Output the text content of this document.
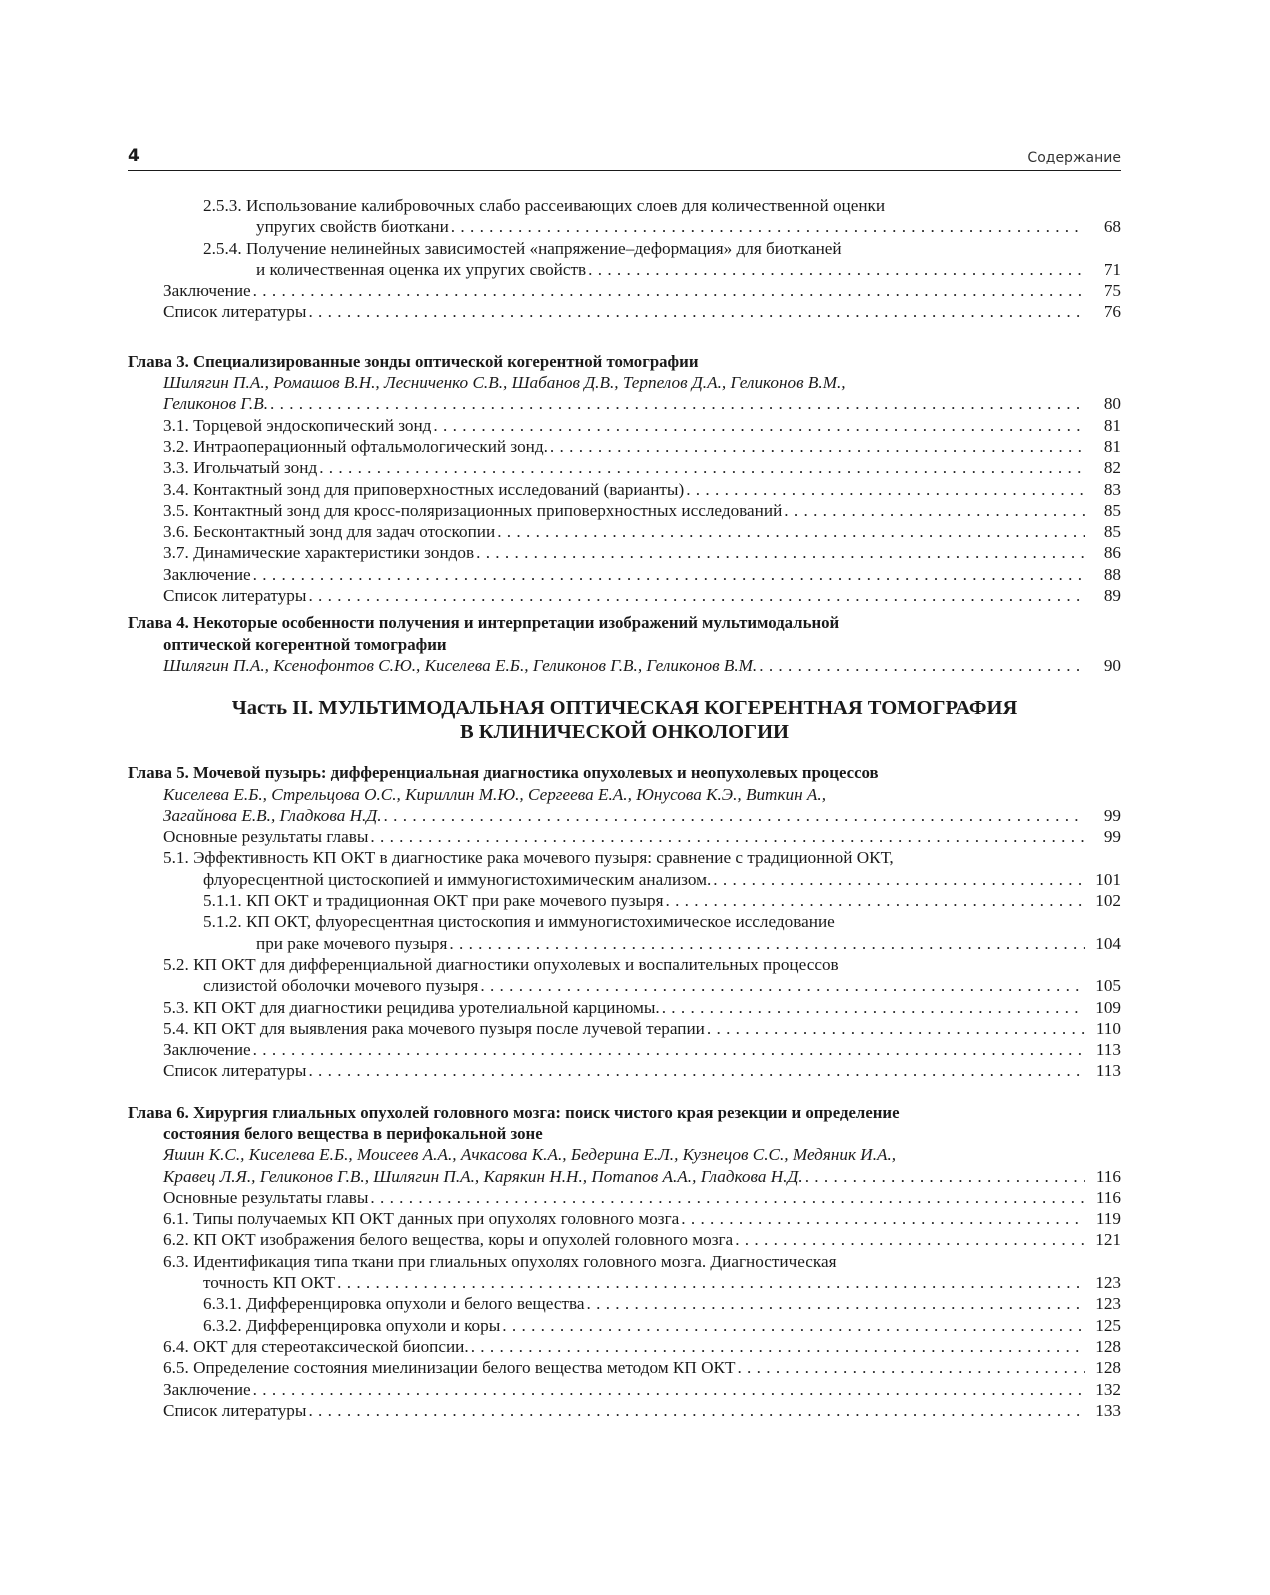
4	Содержание
2.5.3. Использование калибровочных слабо рассеивающих слоев для количественной оценки
упругих свойств биоткани . . .	68
2.5.4. Получение нелинейных зависимостей «напряжение–деформация» для биотканей
и количественная оценка их упругих свойств . . .	71
Заключение . . .	75
Список литературы . . .	76
Глава 3. Специализированные зонды оптической когерентной томографии
Шилягин П.А., Ромашов В.Н., Лесниченко С.В., Шабанов Д.В., Терпелов Д.А., Геликонов В.М.,
Геликонов Г.В. . . .	80
3.1. Торцевой эндоскопический зонд . . .	81
3.2. Интраоперационный офтальмологический зонд. . . .	81
3.3. Игольчатый зонд . . .	82
3.4. Контактный зонд для приповерхностных исследований (варианты) . . .	83
3.5. Контактный зонд для кросс-поляризационных приповерхностных исследований . . .	85
3.6. Бесконтактный зонд для задач отоскопии . . .	85
3.7. Динамические характеристики зондов . . .	86
Заключение . . .	88
Список литературы . . .	89
Глава 4. Некоторые особенности получения и интерпретации изображений мультимодальной
оптической когерентной томографии
Шилягин П.А., Ксенофонтов С.Ю., Киселева Е.Б., Геликонов Г.В., Геликонов В.М. . . .	90
Часть II. МУЛЬТИМОДАЛЬНАЯ ОПТИЧЕСКАЯ КОГЕРЕНТНАЯ ТОМОГРАФИЯ
В КЛИНИЧЕСКОЙ ОНКОЛОГИИ
Глава 5. Мочевой пузырь: дифференциальная диагностика опухолевых и неопухолевых процессов
Киселева Е.Б., Стрельцова О.С., Кириллин М.Ю., Сергеева Е.А., Юнусова К.Э., Виткин А.,
Загайнова Е.В., Гладкова Н.Д. . . .	99
Основные результаты главы . . .	99
5.1. Эффективность КП ОКТ в диагностике рака мочевого пузыря: сравнение с традиционной ОКТ,
флуоресцентной цистоскопией и иммуногистохимическим анализом. . . .	101
5.1.1. КП ОКТ и традиционная ОКТ при раке мочевого пузыря . . .	102
5.1.2. КП ОКТ, флуоресцентная цистоскопия и иммуногистохимическое исследование
при раке мочевого пузыря . . .	104
5.2. КП ОКТ для дифференциальной диагностики опухолевых и воспалительных процессов
слизистой оболочки мочевого пузыря . . .	105
5.3. КП ОКТ для диагностики рецидива уротелиальной карциномы. . . .	109
5.4. КП ОКТ для выявления рака мочевого пузыря после лучевой терапии . . .	110
Заключение . . .	113
Список литературы . . .	113
Глава 6. Хирургия глиальных опухолей головного мозга: поиск чистого края резекции и определение
состояния белого вещества в перифокальной зоне
Яшин К.С., Киселева Е.Б., Моисеев А.А., Ачкасова К.А., Бедерина Е.Л., Кузнецов С.С., Медяник И.А.,
Кравец Л.Я., Геликонов Г.В., Шилягин П.А., Карякин Н.Н., Потапов А.А., Гладкова Н.Д. . . .	116
Основные результаты главы . . .	116
6.1. Типы получаемых КП ОКТ данных при опухолях головного мозга . . .	119
6.2. КП ОКТ изображения белого вещества, коры и опухолей головного мозга . . .	121
6.3. Идентификация типа ткани при глиальных опухолях головного мозга. Диагностическая
точность КП ОКТ . . .	123
6.3.1. Дифференцировка опухоли и белого вещества . . .	123
6.3.2. Дифференцировка опухоли и коры . . .	125
6.4. ОКТ для стереотаксической биопсии. . . .	128
6.5. Определение состояния миелинизации белого вещества методом КП ОКТ . . .	128
Заключение . . .	132
Список литературы . . .	133
